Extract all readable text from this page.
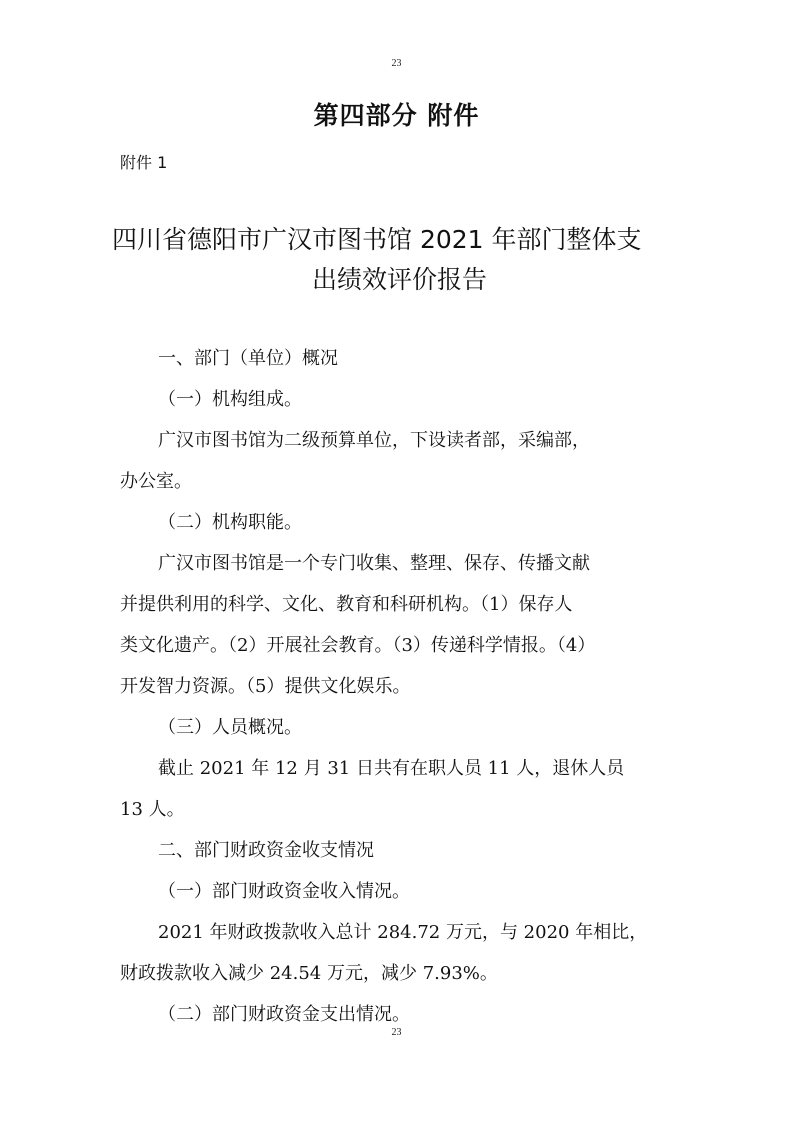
23
第四部分 附件
附件 1
四川省德阳市广汉市图书馆 2021 年部门整体支
出绩效评价报告

一、部门（单位）概况

（一）机构组成。

广汉市图书馆为二级预算单位，下设读者部，采编部，
办公室。

（二）机构职能。

广汉市图书馆是一个专门收集、整理、保存、传播文献
并提供利用的科学、文化、教育和科研机构。（1）保存人
类文化遗产。（2）开展社会教育。（3）传递科学情报。（4）
开发智力资源。（5）提供文化娱乐。

（三）人员概况。

截止 2021 年 12 月 31 日共有在职人员 11 人，退休人员
13 人。

二、部门财政资金收支情况

（一）部门财政资金收入情况。

2021 年财政拨款收入总计 284.72 万元，与 2020 年相比，
财政拨款收入减少 24.54 万元，减少 7.93%。

（二）部门财政资金支出情况。

23
